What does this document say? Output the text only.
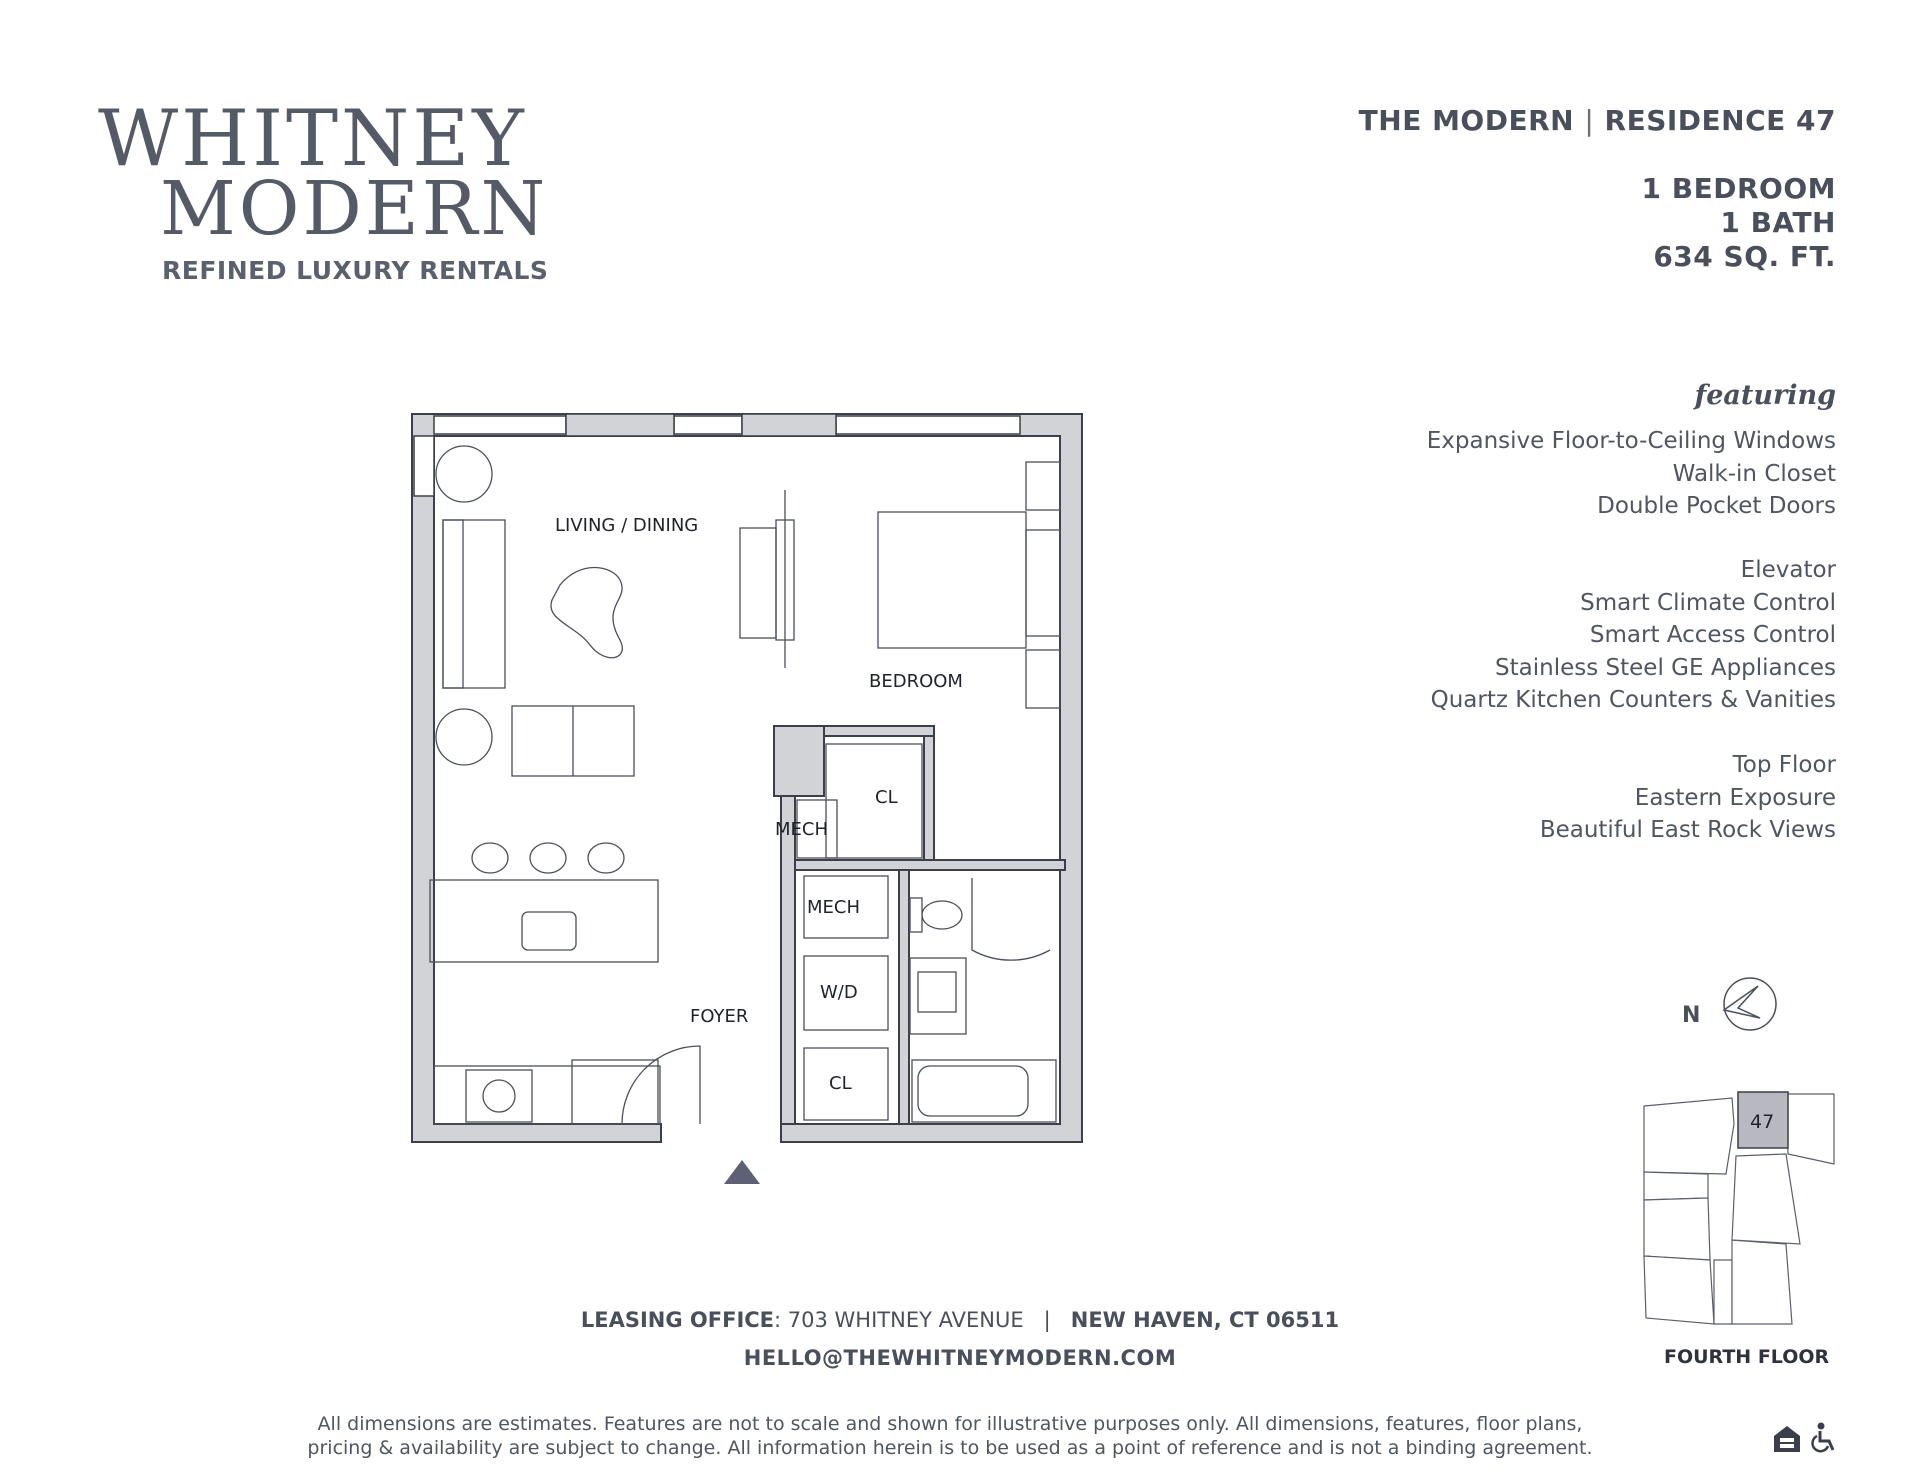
WHITNEY
MODERN
REFINED LUXURY RENTALS
THE MODERN | RESIDENCE 47
1 BEDROOM
1 BATH
634 SQ. FT.
featuring
Expansive Floor-to-Ceiling Windows
Walk-in Closet
Double Pocket Doors
Elevator
Smart Climate Control
Smart Access Control
Stainless Steel GE Appliances
Quartz Kitchen Counters & Vanities
Top Floor
Eastern Exposure
Beautiful East Rock Views
LIVING / DINING
BEDROOM
CL
MECH
MECH
W/D
CL
FOYER	N
47
FOURTH FLOOR
LEASING OFFICE: 703 WHITNEY AVENUE | NEW HAVEN, CT 06511
HELLO@THEWHITNEYMODERN.COM
All dimensions are estimates. Features are not to scale and shown for illustrative purposes only. All dimensions, features, floor plans,
pricing & availability are subject to change. All information herein is to be used as a point of reference and is not a binding agreement.
